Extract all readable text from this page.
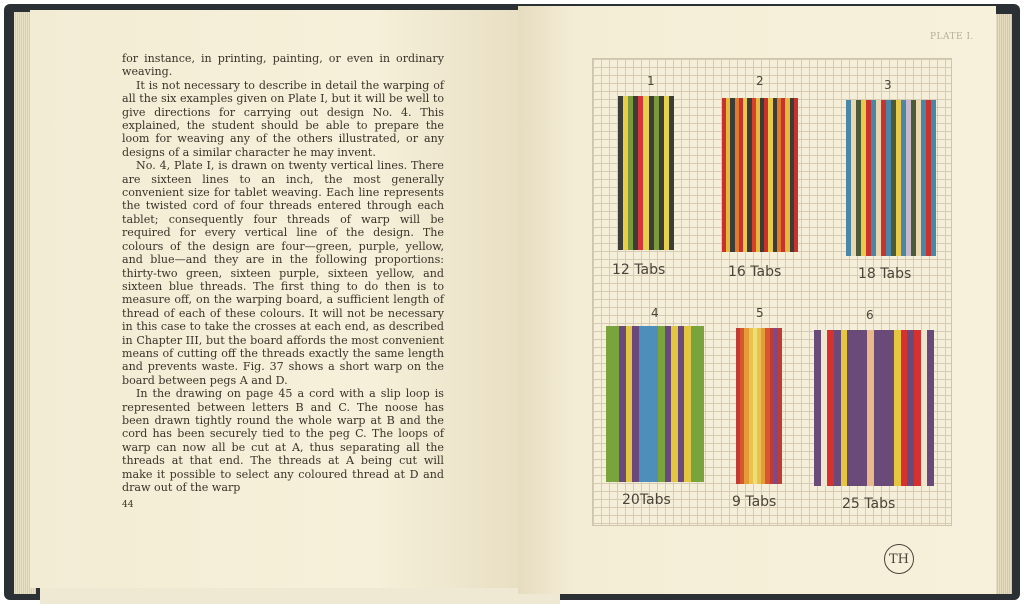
for instance, in printing, painting, or even in ordinary weaving.

It is not necessary to describe in detail the warping of all the six examples given on Plate I, but it will be well to give directions for carrying out design No. 4. This explained, the student should be able to prepare the loom for weaving any of the others illustrated, or any designs of a similar character he may invent.

No. 4, Plate I, is drawn on twenty vertical lines. There are sixteen lines to an inch, the most generally convenient size for tablet weaving. Each line represents the twisted cord of four threads entered through each tablet; consequently four threads of warp will be required for every vertical line of the design. The colours of the design are four—green, purple, yellow, and blue—and they are in the following proportions: thirty-two green, sixteen purple, sixteen yellow, and sixteen blue threads. The first thing to do then is to measure off, on the warping board, a sufficient length of thread of each of these colours. It will not be necessary in this case to take the crosses at each end, as described in Chapter III, but the board affords the most convenient means of cutting off the threads exactly the same length and prevents waste. Fig. 37 shows a short warp on the board between pegs A and D.

In the drawing on page 45 a cord with a slip loop is represented between letters B and C. The noose has been drawn tightly round the whole warp at B and the cord has been securely tied to the peg C. The loops of warp can now all be cut at A, thus separating all the threads at that end. The threads at A being cut will make it possible to select any coloured thread at D and draw out of the warp

44
PLATE I.
1
12 Tabs
2
16 Tabs
3
18 Tabs
4
20Tabs
5
9 Tabs
6
25 Tabs
TH
